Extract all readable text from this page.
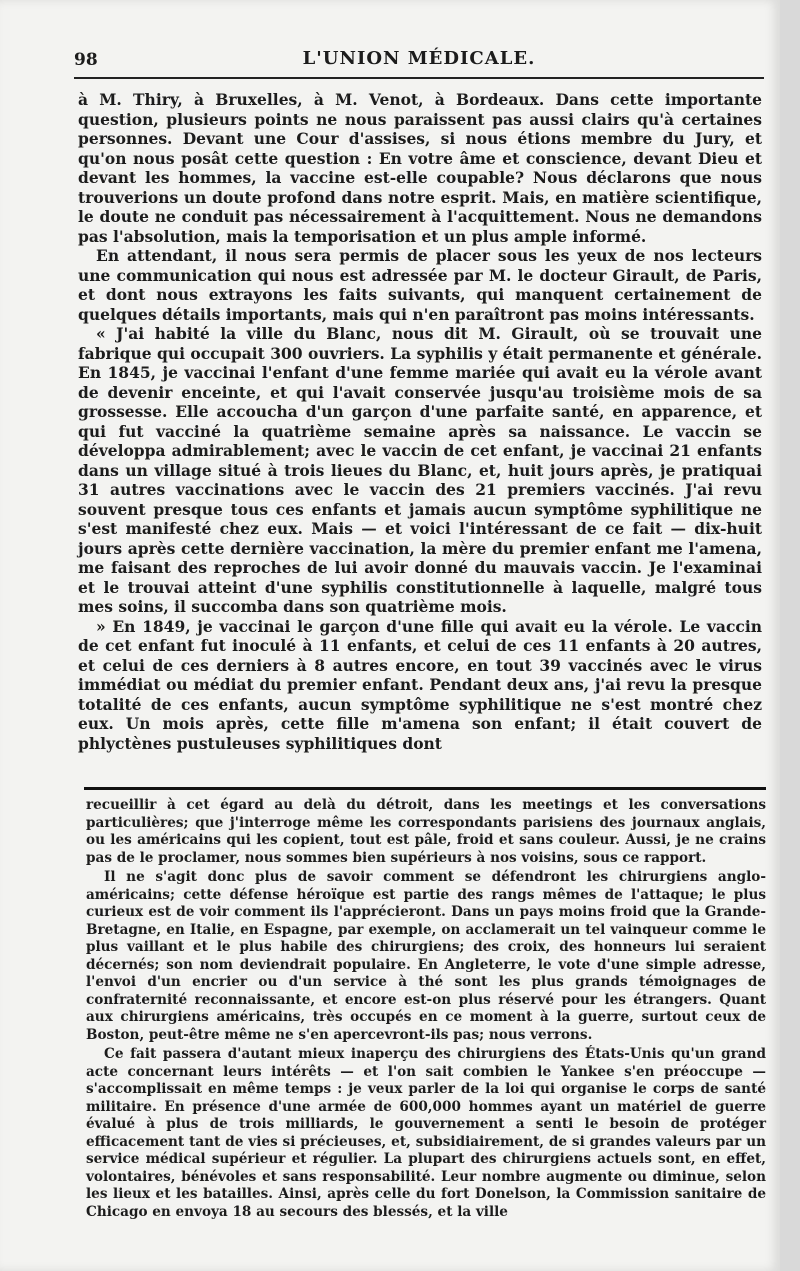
98	L'UNION MÉDICALE.

à M. Thiry, à Bruxelles, à M. Venot, à Bordeaux. Dans cette importante question, plusieurs points ne nous paraissent pas aussi clairs qu'à certaines personnes. Devant une Cour d'assises, si nous étions membre du Jury, et qu'on nous posât cette question : En votre âme et conscience, devant Dieu et devant les hommes, la vaccine est-elle coupable? Nous déclarons que nous trouverions un doute profond dans notre esprit. Mais, en matière scientifique, le doute ne conduit pas nécessairement à l'acquittement. Nous ne demandons pas l'absolution, mais la temporisation et un plus ample informé.

En attendant, il nous sera permis de placer sous les yeux de nos lecteurs une communication qui nous est adressée par M. le docteur Girault, de Paris, et dont nous extrayons les faits suivants, qui manquent certainement de quelques détails importants, mais qui n'en paraîtront pas moins intéressants.

« J'ai habité la ville du Blanc, nous dit M. Girault, où se trouvait une fabrique qui occupait 300 ouvriers. La syphilis y était permanente et générale. En 1845, je vaccinai l'enfant d'une femme mariée qui avait eu la vérole avant de devenir enceinte, et qui l'avait conservée jusqu'au troisième mois de sa grossesse. Elle accoucha d'un garçon d'une parfaite santé, en apparence, et qui fut vacciné la quatrième semaine après sa naissance. Le vaccin se développa admirablement; avec le vaccin de cet enfant, je vaccinai 21 enfants dans un village situé à trois lieues du Blanc, et, huit jours après, je pratiquai 31 autres vaccinations avec le vaccin des 21 premiers vaccinés. J'ai revu souvent presque tous ces enfants et jamais aucun symptôme syphilitique ne s'est manifesté chez eux. Mais — et voici l'intéressant de ce fait — dix-huit jours après cette dernière vaccination, la mère du premier enfant me l'amena, me faisant des reproches de lui avoir donné du mauvais vaccin. Je l'examinai et le trouvai atteint d'une syphilis constitutionnelle à laquelle, malgré tous mes soins, il succomba dans son quatrième mois.

» En 1849, je vaccinai le garçon d'une fille qui avait eu la vérole. Le vaccin de cet enfant fut inoculé à 11 enfants, et celui de ces 11 enfants à 20 autres, et celui de ces derniers à 8 autres encore, en tout 39 vaccinés avec le virus immédiat ou médiat du premier enfant. Pendant deux ans, j'ai revu la presque totalité de ces enfants, aucun symptôme syphilitique ne s'est montré chez eux. Un mois après, cette fille m'amena son enfant; il était couvert de phlyctènes pustuleuses syphilitiques dont

recueillir à cet égard au delà du détroit, dans les meetings et les conversations particulières; que j'interroge même les correspondants parisiens des journaux anglais, ou les américains qui les copient, tout est pâle, froid et sans couleur. Aussi, je ne crains pas de le proclamer, nous sommes bien supérieurs à nos voisins, sous ce rapport.

Il ne s'agit donc plus de savoir comment se défendront les chirurgiens anglo-américains; cette défense héroïque est partie des rangs mêmes de l'attaque; le plus curieux est de voir comment ils l'apprécieront. Dans un pays moins froid que la Grande-Bretagne, en Italie, en Espagne, par exemple, on acclamerait un tel vainqueur comme le plus vaillant et le plus habile des chirurgiens; des croix, des honneurs lui seraient décernés; son nom deviendrait populaire. En Angleterre, le vote d'une simple adresse, l'envoi d'un encrier ou d'un service à thé sont les plus grands témoignages de confraternité reconnaissante, et encore est-on plus réservé pour les étrangers. Quant aux chirurgiens américains, très occupés en ce moment à la guerre, surtout ceux de Boston, peut-être même ne s'en apercevront-ils pas; nous verrons.

Ce fait passera d'autant mieux inaperçu des chirurgiens des États-Unis qu'un grand acte concernant leurs intérêts — et l'on sait combien le Yankee s'en préoccupe — s'accomplissait en même temps : je veux parler de la loi qui organise le corps de santé militaire. En présence d'une armée de 600,000 hommes ayant un matériel de guerre évalué à plus de trois milliards, le gouvernement a senti le besoin de protéger efficacement tant de vies si précieuses, et, subsidiairement, de si grandes valeurs par un service médical supérieur et régulier. La plupart des chirurgiens actuels sont, en effet, volontaires, bénévoles et sans responsabilité. Leur nombre augmente ou diminue, selon les lieux et les batailles. Ainsi, après celle du fort Donelson, la Commission sanitaire de Chicago en envoya 18 au secours des blessés, et la ville
